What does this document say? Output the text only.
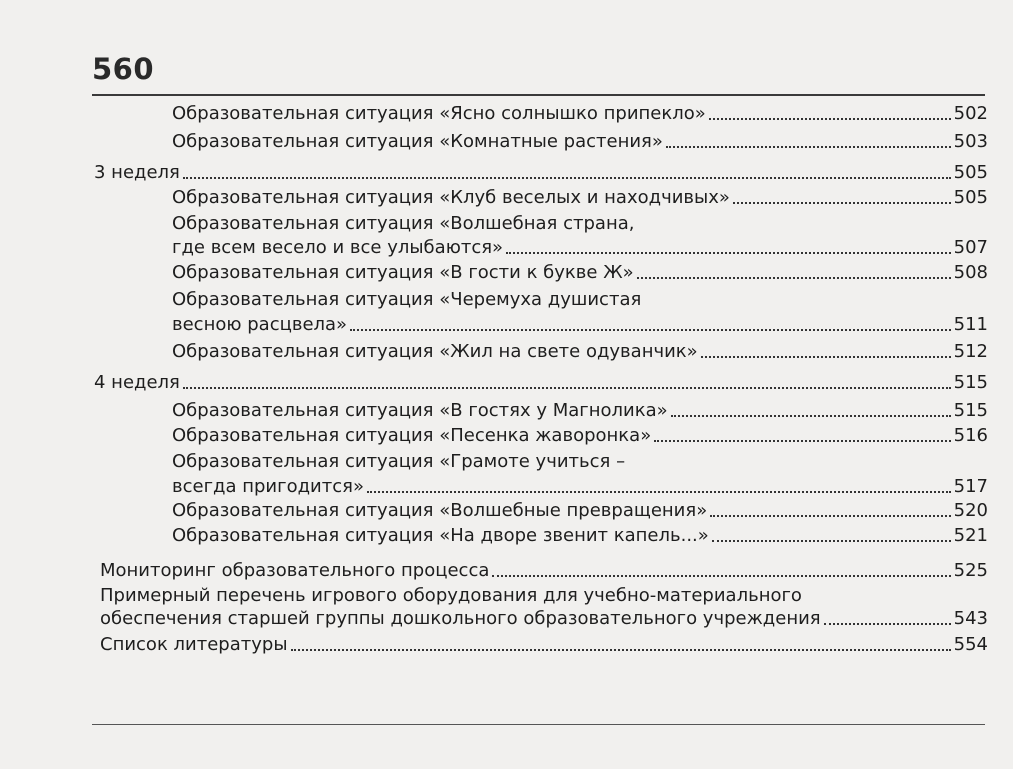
560
Образовательная ситуация «Ясно солнышко припекло»	502
Образовательная ситуация «Комнатные растения»	503
3 неделя	505
Образовательная ситуация «Клуб веселых и находчивых»	505
Образовательная ситуация «Волшебная страна,
где всем весело и все улыбаются»	507
Образовательная ситуация «В гости к букве Ж»	508
Образовательная ситуация «Черемуха душистая
весною расцвела»	511
Образовательная ситуация «Жил на свете одуванчик»	512
4 неделя	515
Образовательная ситуация «В гостях у Магнолика»	515
Образовательная ситуация «Песенка жаворонка»	516
Образовательная ситуация «Грамоте учиться –
всегда пригодится»	517
Образовательная ситуация «Волшебные превращения»	520
Образовательная ситуация «На дворе звенит капель...»	521
Мониторинг образовательного процесса	525
Примерный перечень игрового оборудования для учебно-материального
обеспечения старшей группы дошкольного образовательного учреждения	543
Список литературы	554
